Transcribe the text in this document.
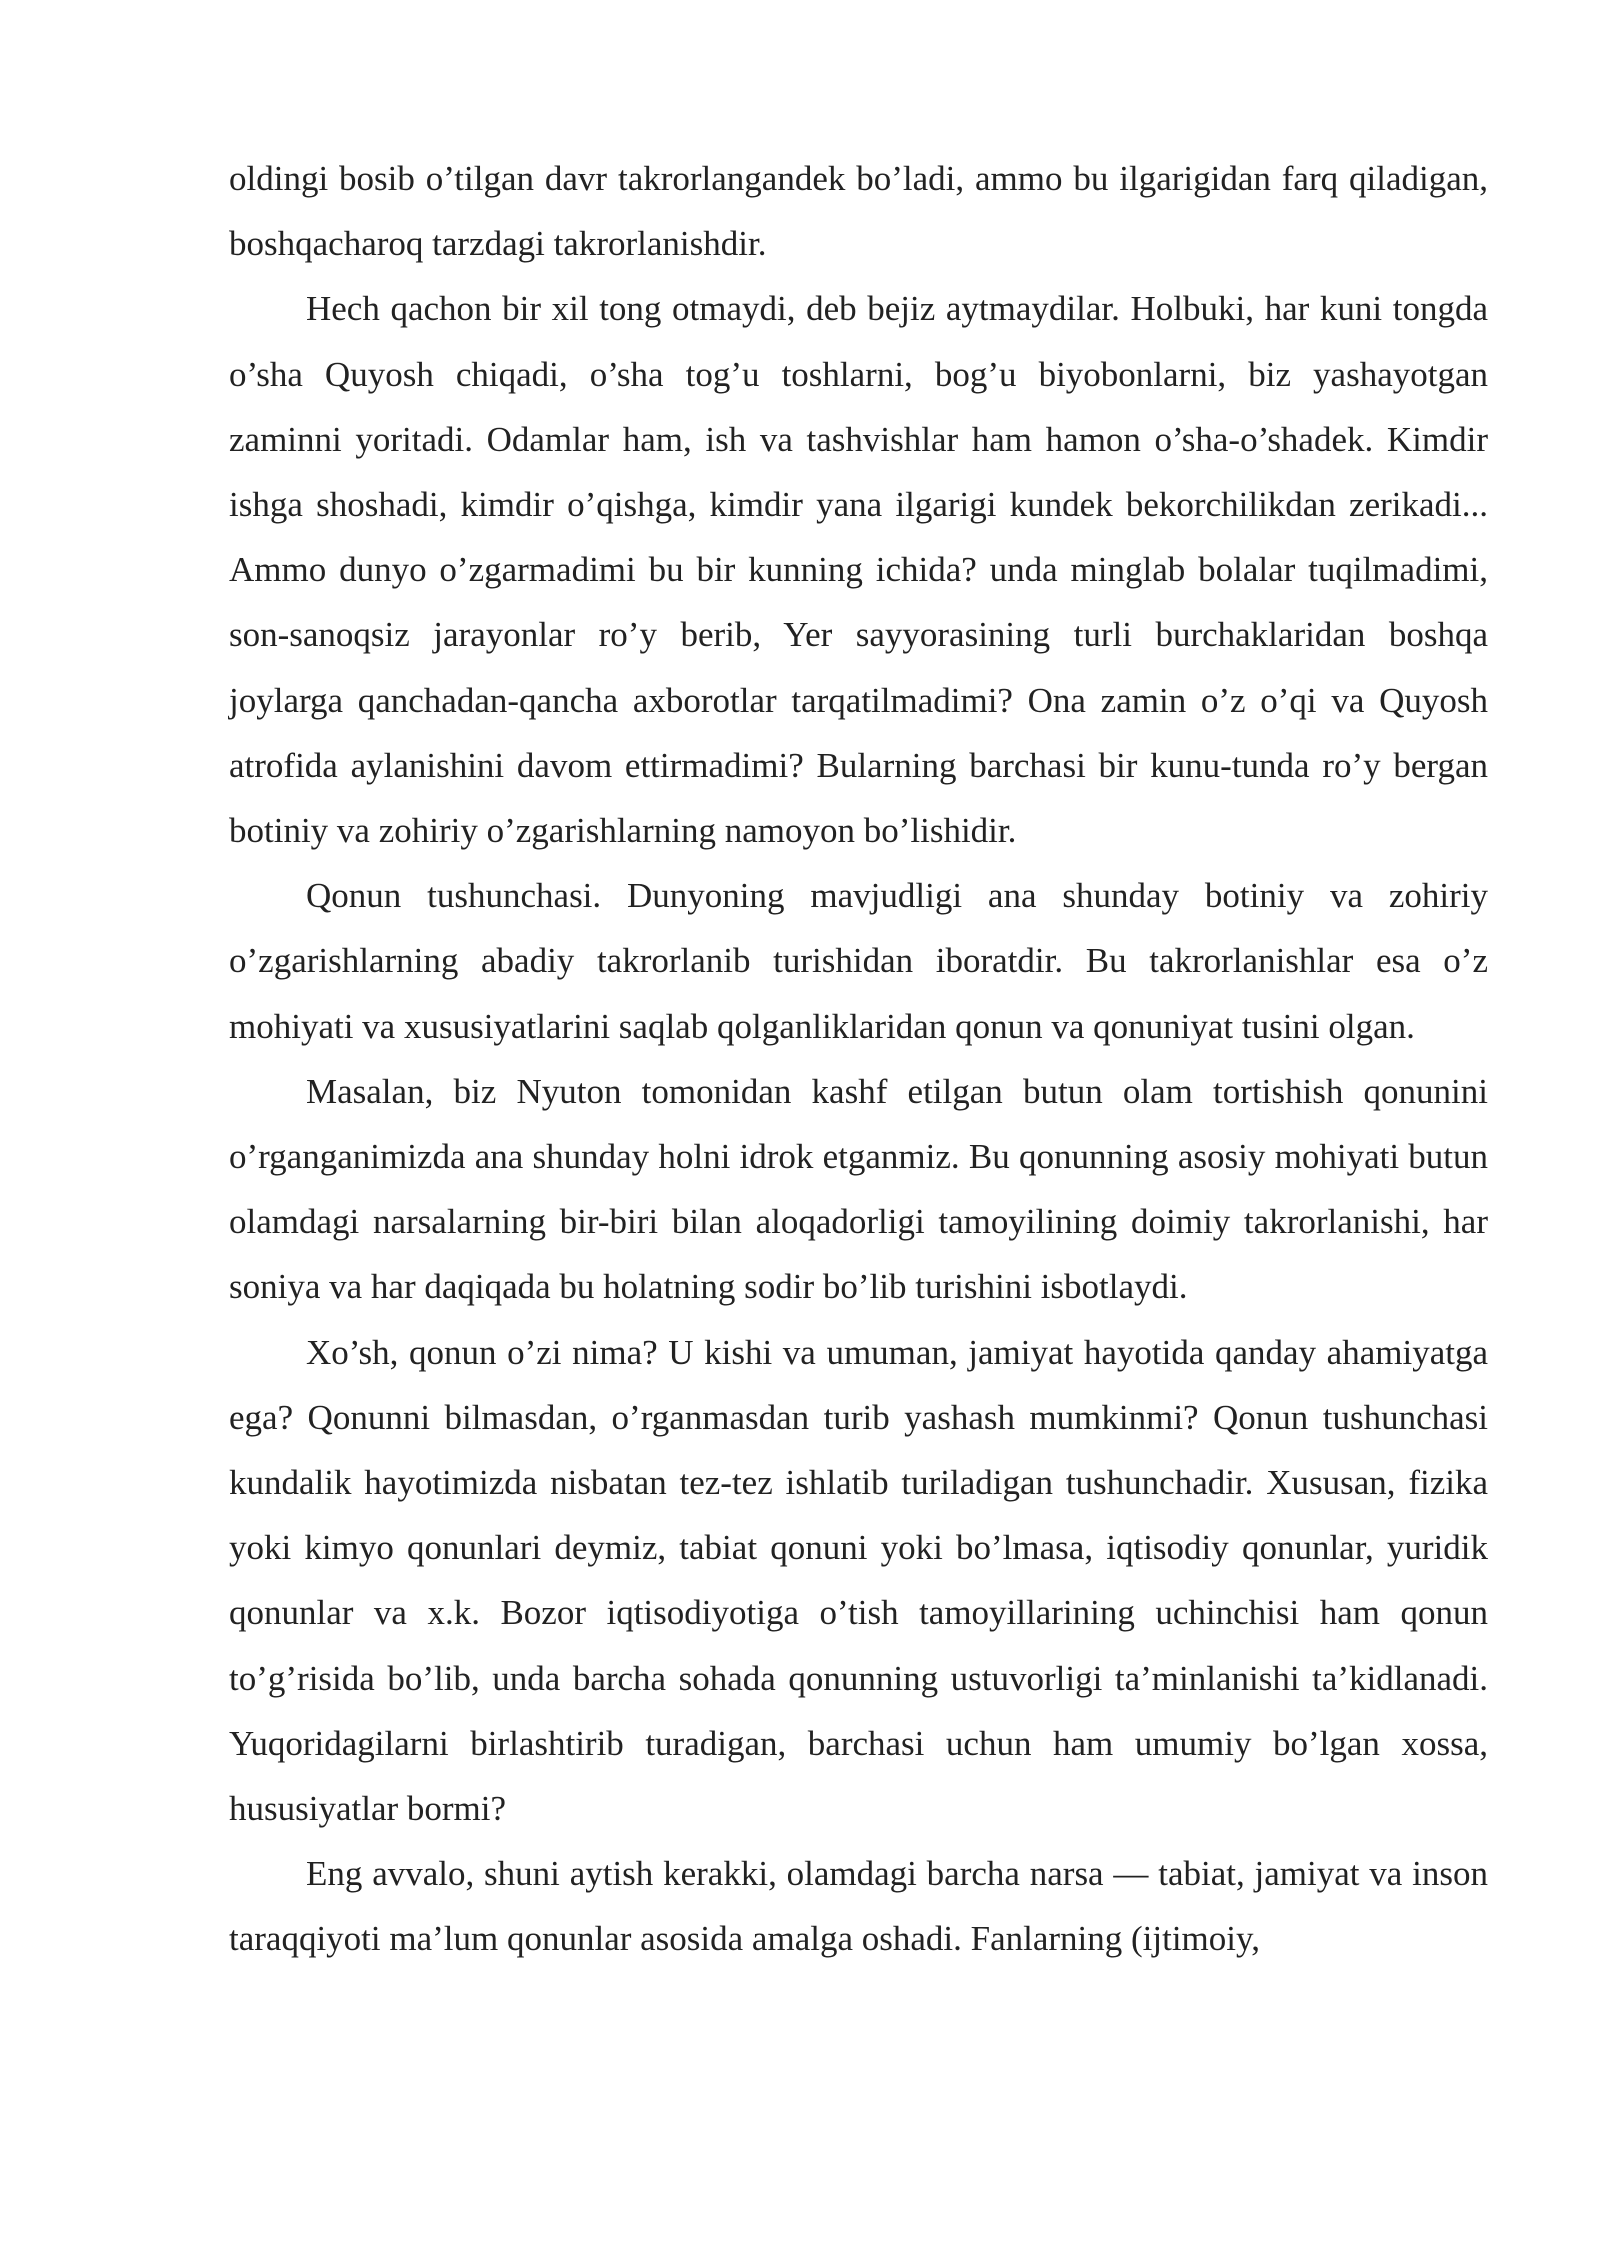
oldingi bosib o’tilgan davr takrorlangandek bo’ladi, ammo bu ilgarigidan farq qiladigan, boshqacharoq tarzdagi takrorlanishdir.

Hech qachon bir xil tong otmaydi, deb bejiz aytmaydilar. Holbuki, har kuni tongda o’sha Quyosh chiqadi, o’sha tog’u toshlarni, bog’u biyobonlarni, biz yashayotgan zaminni yoritadi. Odamlar ham, ish va tashvishlar ham hamon o’sha-o’shadek. Kimdir ishga shoshadi, kimdir o’qishga, kimdir yana ilgarigi kundek bekorchilikdan zerikadi... Ammo dunyo o’zgarmadimi bu bir kunning ichida? unda minglab bolalar tuqilmadimi, son-sanoqsiz jarayonlar ro’y berib, Yer sayyorasining turli burchaklaridan boshqa joylarga qanchadan-qancha axborotlar tarqatilmadimi? Ona zamin o’z o’qi va Quyosh atrofida aylanishini davom ettirmadimi? Bularning barchasi bir kunu-tunda ro’y bergan botiniy va zohiriy o’zgarishlarning namoyon bo’lishidir.

Qonun tushunchasi. Dunyoning mavjudligi ana shunday botiniy va zohiriy o’zgarishlarning abadiy takrorlanib turishidan iboratdir. Bu takrorlanishlar esa o’z mohiyati va xususiyatlarini saqlab qolganliklaridan qonun va qonuniyat tusini olgan.

Masalan, biz Nyuton tomonidan kashf etilgan butun olam tortishish qonunini o’rganganimizda ana shunday holni idrok etganmiz. Bu qonunning asosiy mohiyati butun olamdagi narsalarning bir-biri bilan aloqadorligi tamoyilining doimiy takrorlanishi, har soniya va har daqiqada bu holatning sodir bo’lib turishini isbotlaydi.

Xo’sh, qonun o’zi nima? U kishi va umuman, jamiyat hayotida qanday ahamiyatga ega? Qonunni bilmasdan, o’rganmasdan turib yashash mumkinmi? Qonun tushunchasi kundalik hayotimizda nisbatan tez-tez ishlatib turiladigan tushunchadir. Xususan, fizika yoki kimyo qonunlari deymiz, tabiat qonuni yoki bo’lmasa, iqtisodiy qonunlar, yuridik qonunlar va x.k. Bozor iqtisodiyotiga o’tish tamoyillarining uchinchisi ham qonun to’g’risida bo’lib, unda barcha sohada qonunning ustuvorligi ta’minlanishi ta’kidlanadi. Yuqoridagilarni birlashtirib turadigan, barchasi uchun ham umumiy bo’lgan xossa, hususiyatlar bormi?

Eng avvalo, shuni aytish kerakki, olamdagi barcha narsa — tabiat, jamiyat va inson taraqqiyoti ma’lum qonunlar asosida amalga oshadi. Fanlarning (ijtimoiy,
